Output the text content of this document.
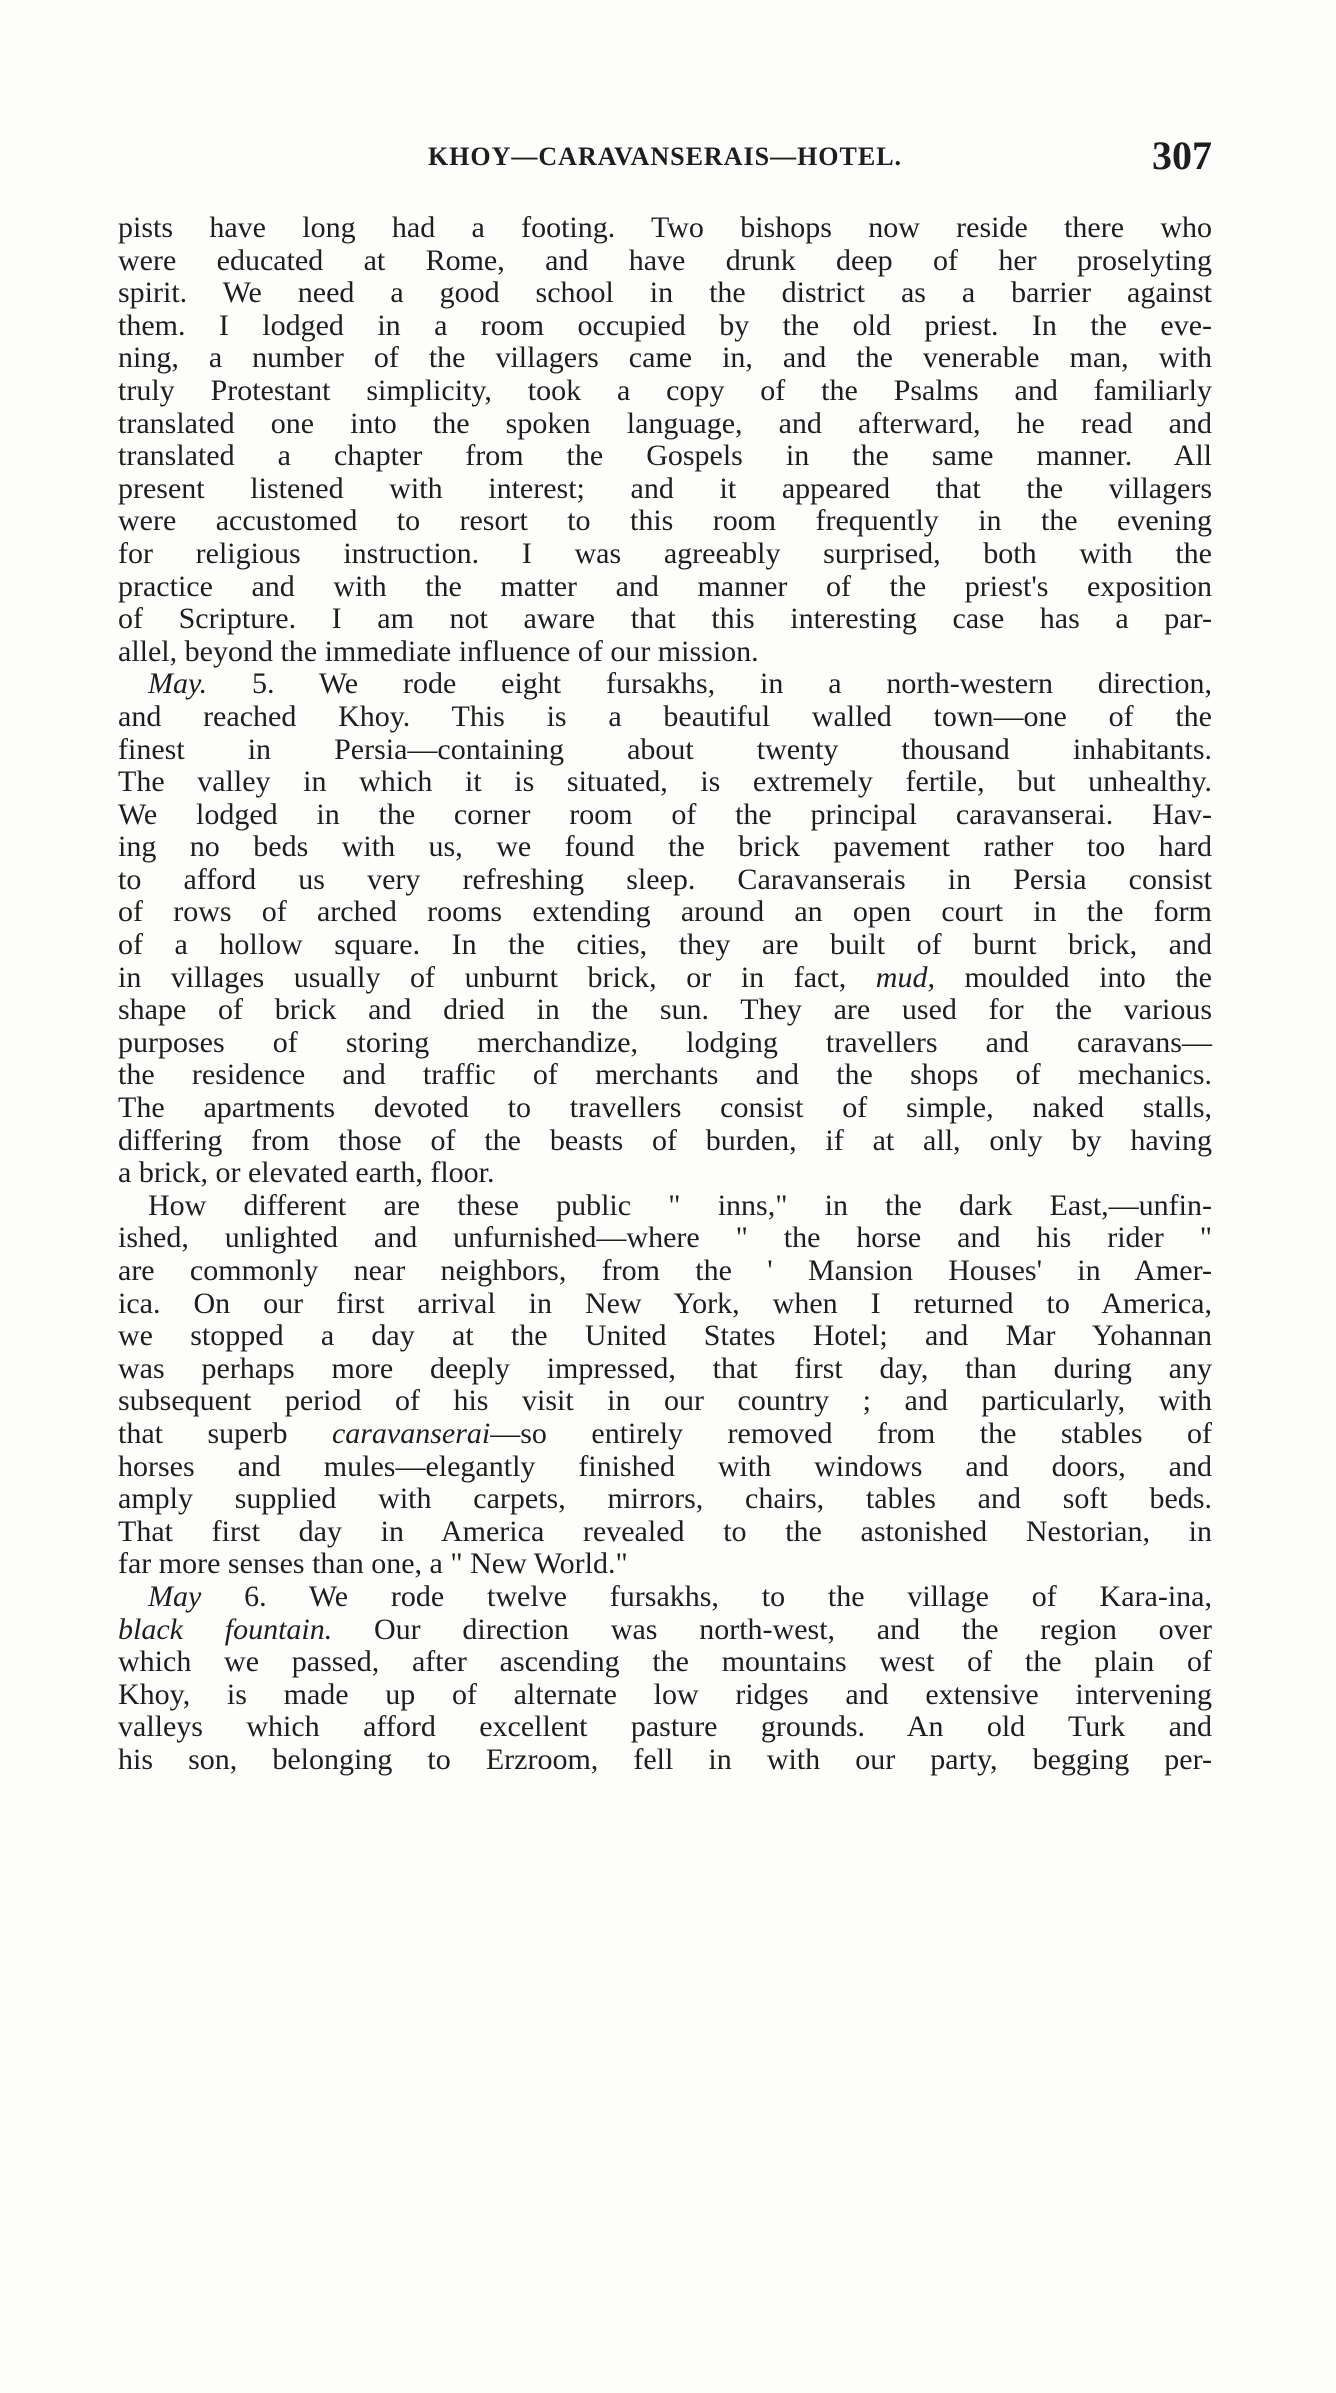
KHOY—CARAVANSERAIS—HOTEL.	307
pists have long had a footing. Two bishops now reside there who
were educated at Rome, and have drunk deep of her proselyting
spirit. We need a good school in the district as a barrier against
them. I lodged in a room occupied by the old priest. In the eve-
ning, a number of the villagers came in, and the venerable man, with
truly Protestant simplicity, took a copy of the Psalms and familiarly
translated one into the spoken language, and afterward, he read and
translated a chapter from the Gospels in the same manner. All
present listened with interest; and it appeared that the villagers
were accustomed to resort to this room frequently in the evening
for religious instruction. I was agreeably surprised, both with the
practice and with the matter and manner of the priest's exposition
of Scripture. I am not aware that this interesting case has a par-
allel, beyond the immediate influence of our mission.
May. 5. We rode eight fursakhs, in a north-western direction,
and reached Khoy. This is a beautiful walled town—one of the
finest in Persia—containing about twenty thousand inhabitants.
The valley in which it is situated, is extremely fertile, but unhealthy.
We lodged in the corner room of the principal caravanserai. Hav-
ing no beds with us, we found the brick pavement rather too hard
to afford us very refreshing sleep. Caravanserais in Persia consist
of rows of arched rooms extending around an open court in the form
of a hollow square. In the cities, they are built of burnt brick, and
in villages usually of unburnt brick, or in fact, mud, moulded into the
shape of brick and dried in the sun. They are used for the various
purposes of storing merchandize, lodging travellers and caravans—
the residence and traffic of merchants and the shops of mechanics.
The apartments devoted to travellers consist of simple, naked stalls,
differing from those of the beasts of burden, if at all, only by having
a brick, or elevated earth, floor.
How different are these public " inns," in the dark East,—unfin-
ished, unlighted and unfurnished—where " the horse and his rider "
are commonly near neighbors, from the ' Mansion Houses' in Amer-
ica. On our first arrival in New York, when I returned to America,
we stopped a day at the United States Hotel; and Mar Yohannan
was perhaps more deeply impressed, that first day, than during any
subsequent period of his visit in our country ; and particularly, with
that superb caravanserai—so entirely removed from the stables of
horses and mules—elegantly finished with windows and doors, and
amply supplied with carpets, mirrors, chairs, tables and soft beds.
That first day in America revealed to the astonished Nestorian, in
far more senses than one, a " New World."
May 6. We rode twelve fursakhs, to the village of Kara-ina,
black fountain. Our direction was north-west, and the region over
which we passed, after ascending the mountains west of the plain of
Khoy, is made up of alternate low ridges and extensive intervening
valleys which afford excellent pasture grounds. An old Turk and
his son, belonging to Erzroom, fell in with our party, begging per-
